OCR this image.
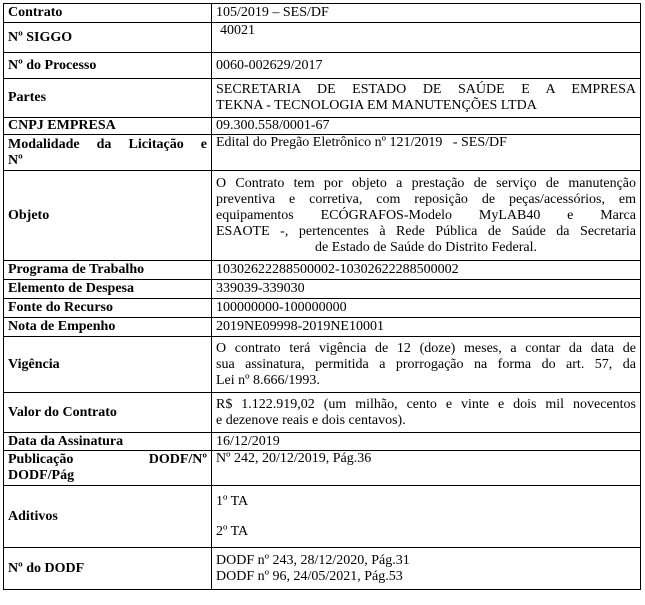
Contrato	105/2019 – SES/DF
Nº SIGGO	40021
Nº do Processo	0060-002629/2017
Partes	SECRETARIA DE ESTADO DE SAÚDE E A EMPRESA
TEKNA - TECNOLOGIA EM MANUTENÇÕES LTDA

CNPJ EMPRESA	09.300.558/0001-67

Modalidade da Licitação e
Nº	Edital do Pregão Eletrônico nº 121/2019   - SES/DF
Objeto	O Contrato tem por objeto a prestação de serviço de manutenção
preventiva e corretiva, com reposição de peças/acessórios, em
equipamentos ECÓGRAFOS-Modelo MyLAB40 e Marca
ESAOTE -, pertencentes à Rede Pública de Saúde da Secretaria
de Estado de Saúde do Distrito Federal.

Programa de Trabalho	10302622288500002-10302622288500002
Elemento de Despesa	339039-339030
Fonte do Recurso	100000000-100000000
Nota de Empenho	2019NE09998-2019NE10001
Vigência	O contrato terá vigência de 12 (doze) meses, a contar da data de
sua assinatura, permitida a prorrogação na forma do art. 57, da
Lei nº 8.666/1993.

Valor do Contrato	R$ 1.122.919,02 (um milhão, cento e vinte e dois mil novecentos
e dezenove reais e dois centavos).

Data da Assinatura	16/12/2019

Publicação DODF/Nº
DODF/Pág	Nº 242, 20/12/2019, Pág.36
Aditivos	1º TA
2º TA

Nº do DODF	DODF nº 243, 28/12/2020, Pág.31
DODF nº 96, 24/05/2021, Pág.53
